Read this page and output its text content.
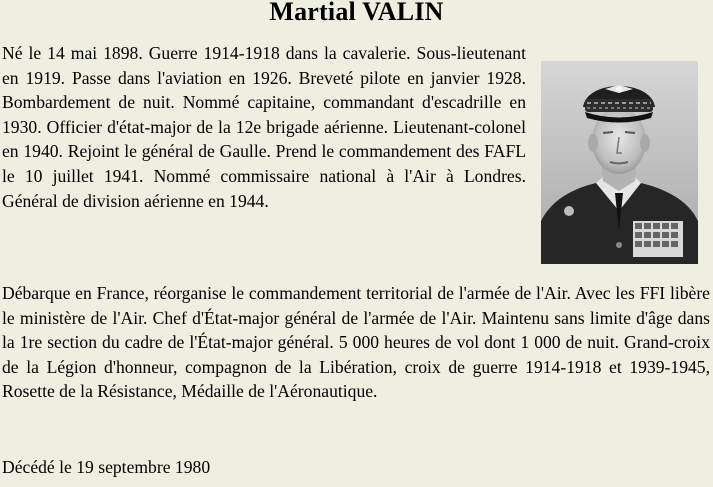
Martial VALIN

Né le 14 mai 1898. Guerre 1914-1918 dans la cavalerie. Sous-lieutenant en 1919. Passe dans l'aviation en 1926. Breveté pilote en janvier 1928. Bombardement de nuit. Nommé capitaine, commandant d'escadrille en 1930. Officier d'état-major de la 12e brigade aérienne. Lieutenant-colonel en 1940. Rejoint le général de Gaulle. Prend le commandement des FAFL le 10 juillet 1941. Nommé commissaire national à l'Air à Londres. Général de division aérienne en 1944.

Débarque en France, réorganise le commandement territorial de l'armée de l'Air. Avec les FFI libère le ministère de l'Air. Chef d'État-major général de l'armée de l'Air. Maintenu sans limite d'âge dans la 1re section du cadre de l'État-major général. 5 000 heures de vol dont 1 000 de nuit. Grand-croix de la Légion d'honneur, compagnon de la Libération, croix de guerre 1914-1918 et 1939-1945, Rosette de la Résistance, Médaille de l'Aéronautique.

Décédé le 19 septembre 1980
